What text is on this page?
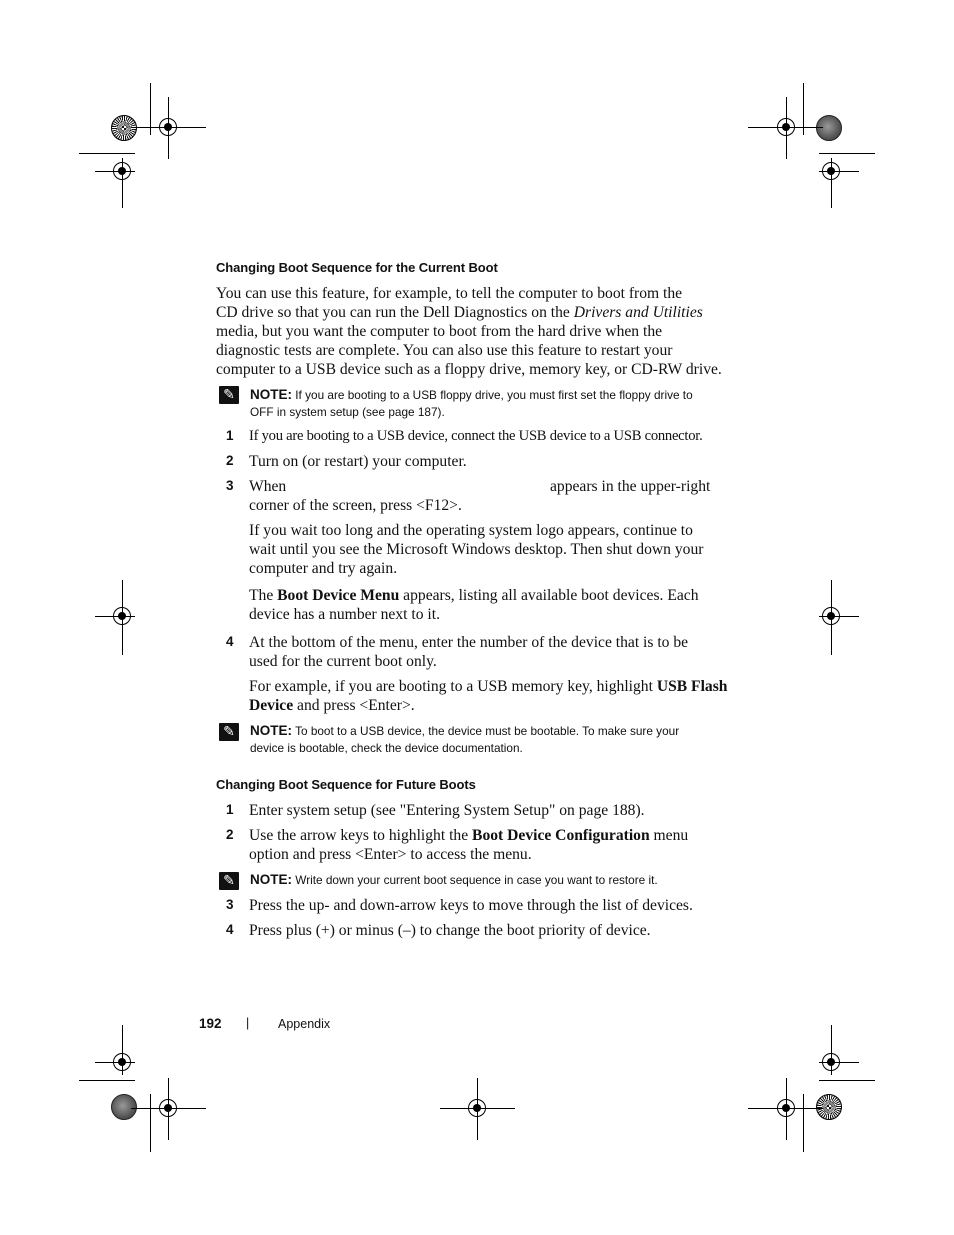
Changing Boot Sequence for the Current Boot
You can use this feature, for example, to tell the computer to boot from the
CD drive so that you can run the Dell Diagnostics on the Drivers and Utilities
media, but you want the computer to boot from the hard drive when the
diagnostic tests are complete. You can also use this feature to restart your
computer to a USB device such as a floppy drive, memory key, or CD-RW drive.
✎	NOTE: If you are booting to a USB floppy drive, you must first set the floppy drive to
OFF in system setup (see page 187).
1 If you are booting to a USB device, connect the USB device to a USB connector.
2 Turn on (or restart) your computer.
3 When	appears in the upper-right
corner of the screen, press <F12>.
If you wait too long and the operating system logo appears, continue to
wait until you see the Microsoft Windows desktop. Then shut down your
computer and try again.
The Boot Device Menu appears, listing all available boot devices. Each
device has a number next to it.
4 At the bottom of the menu, enter the number of the device that is to be
used for the current boot only.
For example, if you are booting to a USB memory key, highlight USB Flash
Device and press <Enter>.
✎	NOTE: To boot to a USB device, the device must be bootable. To make sure your
device is bootable, check the device documentation.
Changing Boot Sequence for Future Boots
1 Enter system setup (see "Entering System Setup" on page 188).
2 Use the arrow keys to highlight the Boot Device Configuration menu
option and press <Enter> to access the menu.
✎	NOTE: Write down your current boot sequence in case you want to restore it.
3 Press the up- and down-arrow keys to move through the list of devices.
4 Press plus (+) or minus (–) to change the boot priority of device.
192 | Appendix
